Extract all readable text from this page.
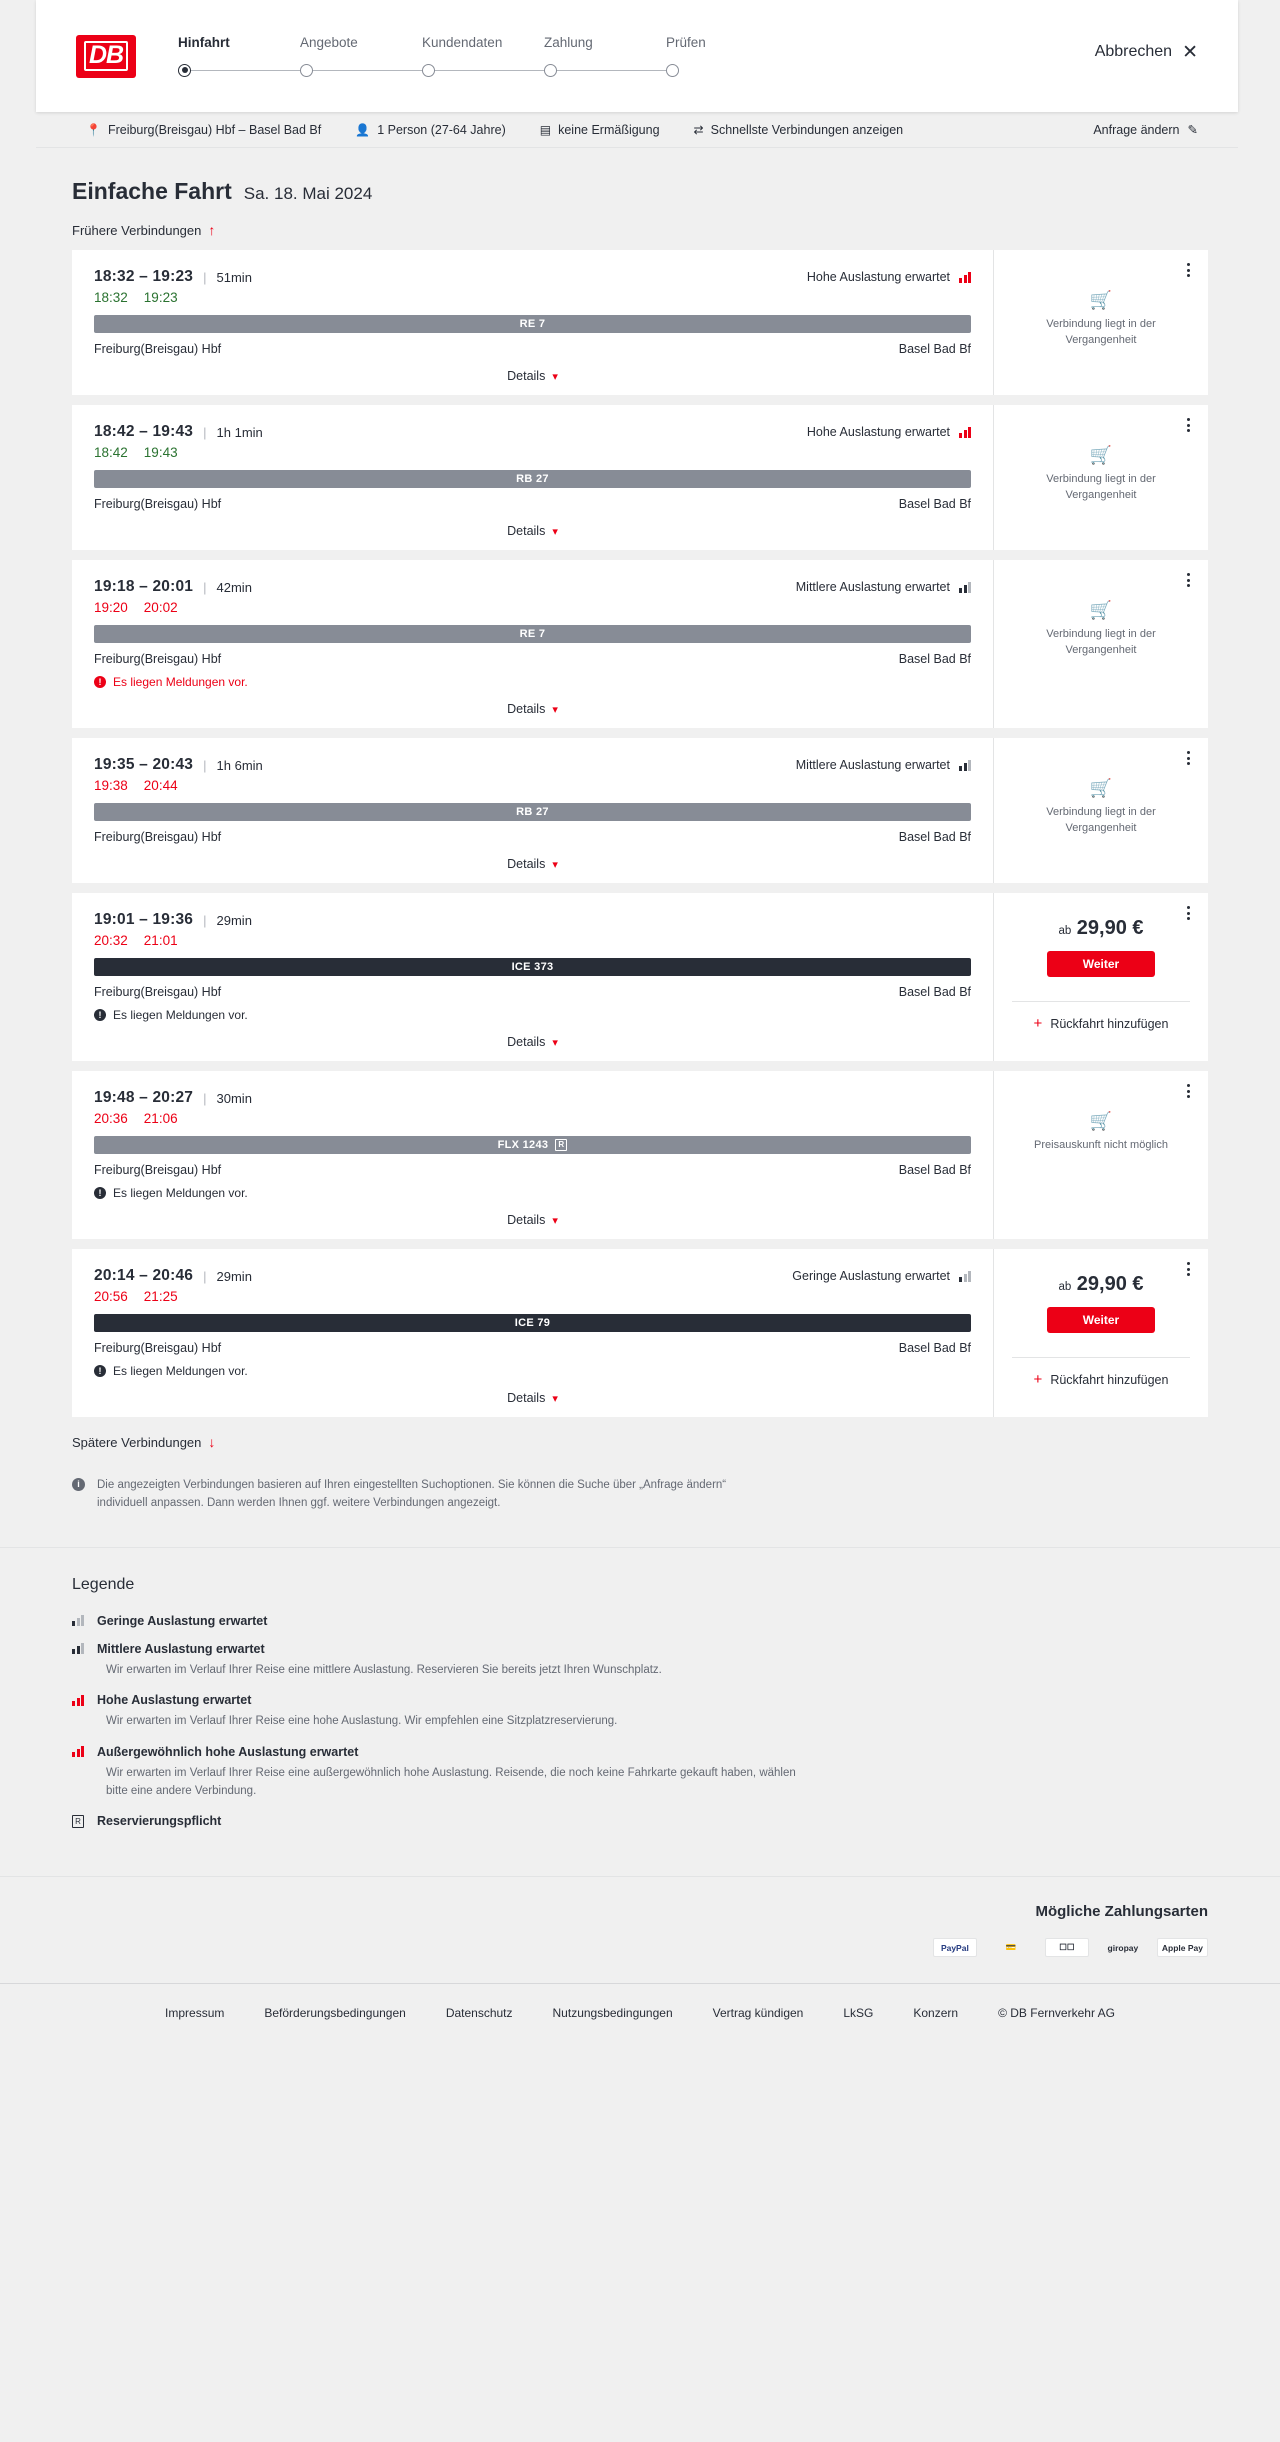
DB	Hinfahrt	Angebote	Kundendaten	Zahlung	Prüfen
Abbrechen ✕
📍 Freiburg(Breisgau) Hbf – Basel Bad Bf	👤 1 Person (27-64 Jahre)	▤ keine Ermäßigung	⇄ Schnellste Verbindungen anzeigen	Anfrage ändern ✎
Einfache Fahrt Sa. 18. Mai 2024
Frühere Verbindungen ↑
18:32 – 19:23 | 51min	Hohe Auslastung erwartet
18:32 19:23
RE 7
Freiburg(Breisgau) Hbf	Basel Bad Bf
Details ▾
🛒
Verbindung liegt in der Vergangenheit
18:42 – 19:43 | 1h 1min	Hohe Auslastung erwartet
18:42 19:43
RB 27
Freiburg(Breisgau) Hbf	Basel Bad Bf
Details ▾
🛒
Verbindung liegt in der Vergangenheit
19:18 – 20:01 | 42min	Mittlere Auslastung erwartet
19:20 20:02
RE 7
Freiburg(Breisgau) Hbf	Basel Bad Bf
!
Es liegen Meldungen vor.
Details ▾
🛒
Verbindung liegt in der Vergangenheit
19:35 – 20:43 | 1h 6min	Mittlere Auslastung erwartet
19:38 20:44
RB 27
Freiburg(Breisgau) Hbf	Basel Bad Bf
Details ▾
🛒
Verbindung liegt in der Vergangenheit
19:01 – 19:36 | 29min
20:32 21:01
ICE 373
Freiburg(Breisgau) Hbf	Basel Bad Bf
!
Es liegen Meldungen vor.
Details ▾
ab 29,90 €
Weiter
+ Rückfahrt hinzufügen
19:48 – 20:27 | 30min
20:36 21:06
FLX 1243	R
Freiburg(Breisgau) Hbf	Basel Bad Bf
!
Es liegen Meldungen vor.
Details ▾
🛒
Preisauskunft nicht möglich
20:14 – 20:46 | 29min	Geringe Auslastung erwartet
20:56 21:25
ICE 79
Freiburg(Breisgau) Hbf	Basel Bad Bf
!
Es liegen Meldungen vor.
Details ▾
ab 29,90 €
Weiter
+ Rückfahrt hinzufügen
Spätere Verbindungen ↓
i	Die angezeigten Verbindungen basieren auf Ihren eingestellten Suchoptionen. Sie können die Suche über „Anfrage ändern“ individuell anpassen. Dann werden Ihnen ggf. weitere Verbindungen angezeigt.
Legende
Geringe Auslastung erwartet
Mittlere Auslastung erwartet
Wir erwarten im Verlauf Ihrer Reise eine mittlere Auslastung. Reservieren Sie bereits jetzt Ihren Wunschplatz.
Hohe Auslastung erwartet
Wir erwarten im Verlauf Ihrer Reise eine hohe Auslastung. Wir empfehlen eine Sitzplatzreservierung.
Außergewöhnlich hohe Auslastung erwartet
Wir erwarten im Verlauf Ihrer Reise eine außergewöhnlich hohe Auslastung. Reisende, die noch keine Fahrkarte gekauft haben, wählen bitte eine andere Verbindung.
R Reservierungspflicht
Mögliche Zahlungsarten
PayPal	💳	☐☐	giropay	Apple Pay
Impressum	Beförderungsbedingungen	Datenschutz	Nutzungsbedingungen	Vertrag kündigen	LkSG	Konzern	© DB Fernverkehr AG
